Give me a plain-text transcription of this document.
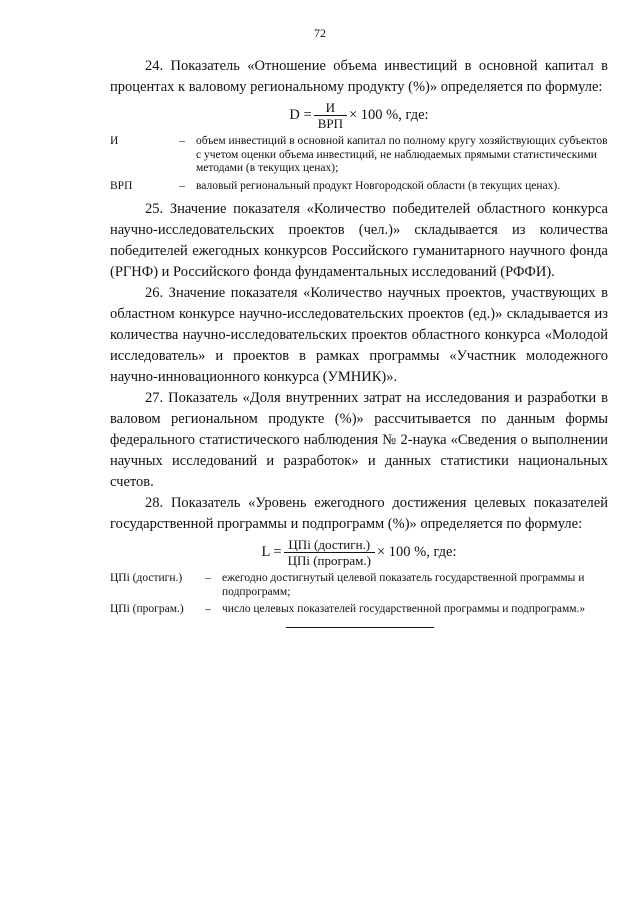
72

24. Показатель «Отношение объема инвестиций в основной капитал в процентах к валовому региональному продукту (%)» определяется по формуле:

$D = \frac{И}{\text{ВРП}} \times 100$ %, где:
И	– объем инвестиций в основной капитал по полному кругу хозяйствующих субъектов с учетом оценки объема инвестиций, не наблюдаемых прямыми статистическими методами (в текущих ценах);
ВРП	– валовый региональный продукт Новгородской области (в текущих ценах).

25. Значение показателя «Количество победителей областного конкурса научно-исследовательских проектов (чел.)» складывается из количества победителей ежегодных конкурсов Российского гуманитарного научного фонда (РГНФ) и Российского фонда фундаментальных исследований (РФФИ).

26. Значение показателя «Количество научных проектов, участвующих в областном конкурсе научно-исследовательских проектов (ед.)» складывается из количества научно-исследовательских проектов областного конкурса «Молодой исследователь» и проектов в рамках программы «Участник молодежного научно-инновационного конкурса (УМНИК)».

27. Показатель «Доля внутренних затрат на исследования и разработки в валовом региональном продукте (%)» рассчитывается по данным формы федерального статистического наблюдения № 2-наука «Сведения о выполнении научных исследований и разработок» и данных статистики национальных счетов.

28. Показатель «Уровень ежегодного достижения целевых показателей государственной программы и подпрограмм (%)» определяется по формуле:

$L = \frac{\text{ЦПi (достигн.)}}{\text{ЦПi (програм.)}} \times 100$ %, где:
ЦПi (достигн.)	– ежегодно достигнутый целевой показатель государственной программы и подпрограмм;
ЦПi (програм.)	– число целевых показателей государственной программы и подпрограмм.»
